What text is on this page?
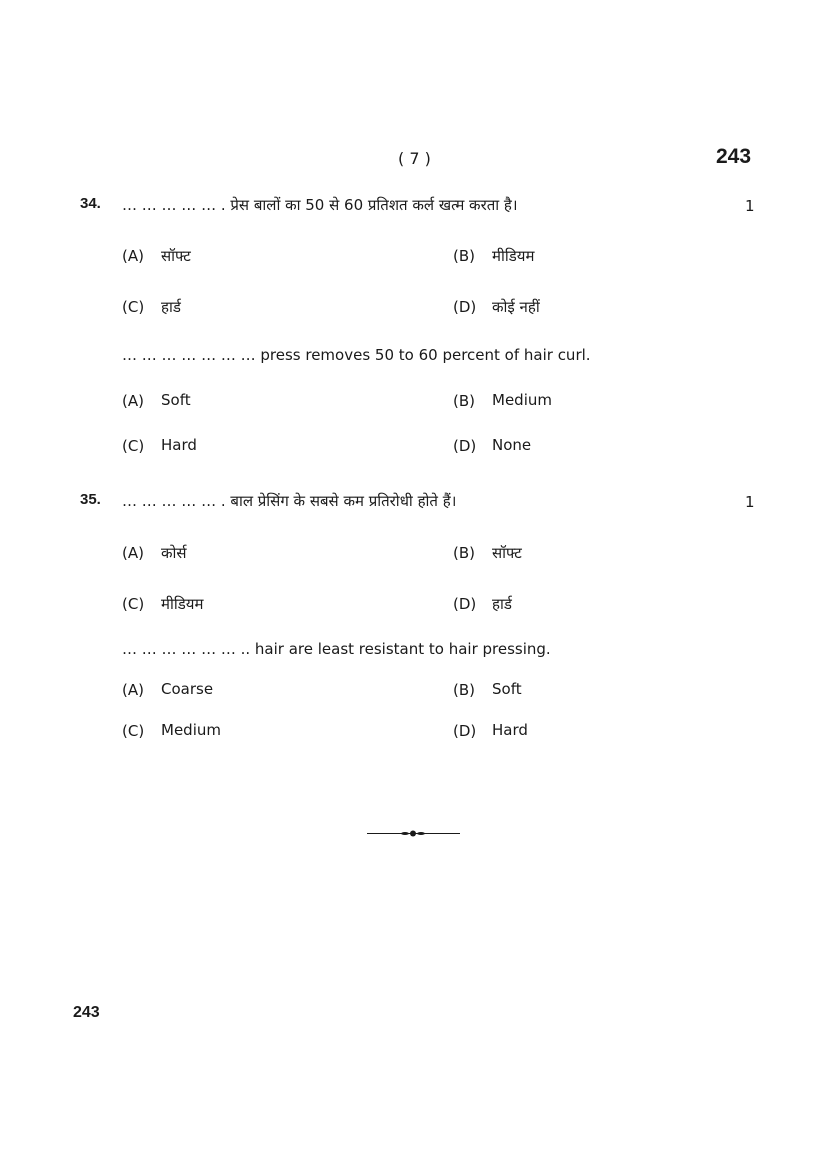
( 7 )	243
34. … … … … … . प्रेस बालों का 50 से 60 प्रतिशत कर्ल खत्म करता है।	1
(A) सॉफ्ट	(B) मीडियम
(C) हार्ड	(D) कोई नहीं
… … … … … … … press removes 50 to 60 percent of hair curl.
(A) Soft	(B) Medium
(C) Hard	(D) None
35. … … … … … . बाल प्रेसिंग के सबसे कम प्रतिरोधी होते हैं।	1
(A) कोर्स	(B) सॉफ्ट
(C) मीडियम	(D) हार्ड
… … … … … … .. hair are least resistant to hair pressing.
(A) Coarse	(B) Soft
(C) Medium	(D) Hard
243
